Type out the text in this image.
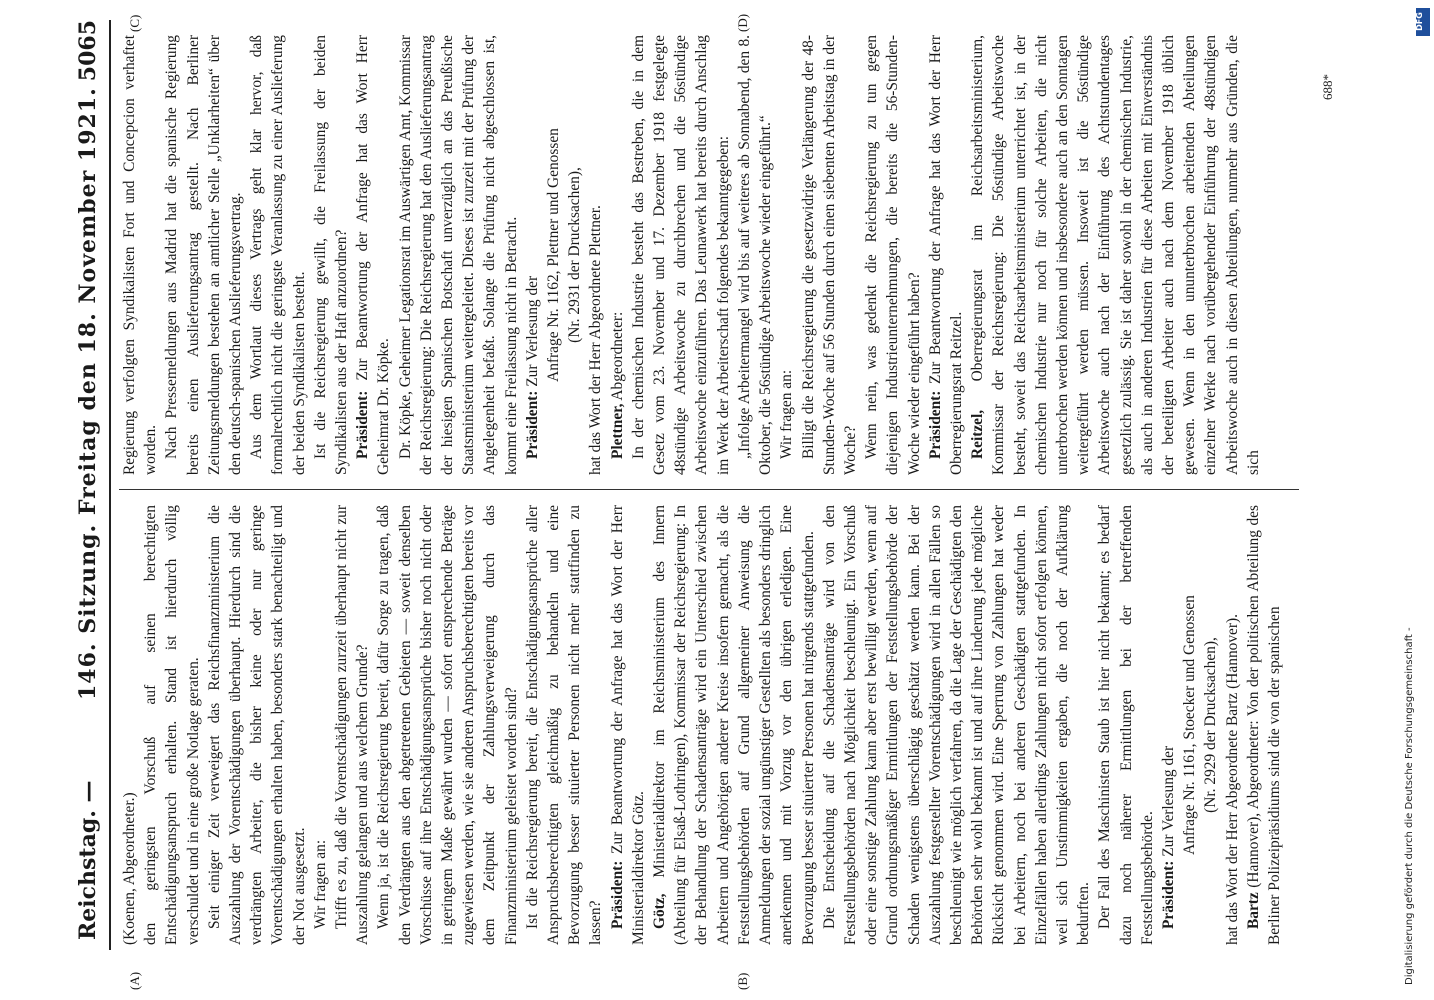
Reichstag. —
146. Sitzung. Freitag den 18. November 1921.
5065
(A)	(B)
(C)	(D)

(Koenen, Abgeordneter.) den geringsten Vorschuß auf seinen berechtigten Entschädigungsanspruch erhalten. Stand ist hierdurch völlig verschuldet und in eine große Notlage geraten. Seit einiger Zeit verweigert das Reichsfinanzministerium die Auszahlung der Vorentschädigungen überhaupt. Hierdurch sind die verdrängten Arbeiter, die bisher keine oder nur geringe Vorentschädigungen erhalten haben, besonders stark benachteiligt und der Not ausgesetzt. Wir fragen an: Trifft es zu, daß die Vorentschädigungen zurzeit überhaupt nicht zur Auszahlung gelangen und aus welchem Grunde? Wenn ja, ist die Reichsregierung bereit, dafür Sorge zu tragen, daß den Verdrängten aus den abgetretenen Gebieten — soweit denselben Vorschüsse auf ihre Entschädigungsansprüche bisher noch nicht oder in geringem Maße gewährt wurden — sofort entsprechende Beträge zugewiesen werden, wie sie anderen Anspruchsberechtigten bereits vor dem Zeitpunkt der Zahlungsverweigerung durch das Finanzministerium geleistet worden sind? Ist die Reichsregierung bereit, die Entschädigungsansprüche aller Anspruchsberechtigten gleichmäßig zu behandeln und eine Bevorzugung besser situierter Personen nicht mehr stattfinden zu lassen? Präsident: Zur Beantwortung der Anfrage hat das Wort der Herr Ministerialdirektor Götz. Götz, Ministerialdirektor im Reichsministerium des Innern (Abteilung für Elsaß-Lothringen), Kommissar der Reichsregierung: In der Behandlung der Schadensanträge wird ein Unterschied zwischen Arbeitern und Angehörigen anderer Kreise insofern gemacht, als die Feststellungsbehörden auf Grund allgemeiner Anweisung die Anmeldungen der sozial ungünstiger Gestellten als besonders dringlich anerkennen und mit Vorzug vor den übrigen erledigen. Eine Bevorzugung besser situierter Personen hat nirgends stattgefunden. Die Entscheidung auf die Schadensanträge wird von den Feststellungsbehörden nach Möglichkeit beschleunigt. Ein Vorschuß oder eine sonstige Zahlung kann aber erst bewilligt werden, wenn auf Grund ordnungsmäßiger Ermittlungen der Feststellungsbehörde der Schaden wenigstens überschlägig geschätzt werden kann. Bei der Auszahlung festgestellter Vorentschädigungen wird in allen Fällen so beschleunigt wie möglich verfahren, da die Lage der Geschädigten den Behörden sehr wohl bekannt ist und auf ihre Linderung jede mögliche Rücksicht genommen wird. Eine Sperrung von Zahlungen hat weder bei Arbeitern, noch bei anderen Geschädigten stattgefunden. In Einzelfällen haben allerdings Zahlungen nicht sofort erfolgen können, weil sich Unstimmigkeiten ergaben, die noch der Aufklärung bedurften. Der Fall des Maschinisten Staub ist hier nicht bekannt; es bedarf dazu noch näherer Ermittlungen bei der betreffenden Feststellungsbehörde. Präsident: Zur Verlesung der Anfrage Nr. 1161, Stoecker und Genossen (Nr. 2929 der Drucksachen), hat das Wort der Herr Abgeordnete Bartz (Hannover). Bartz (Hannover), Abgeordneter: Von der politischen Abteilung des Berliner Polizeipräsidiums sind die von der spanischen

Regierung verfolgten Syndikalisten Fort und Concepcion verhaftet worden. Nach Pressemeldungen aus Madrid hat die spanische Regierung bereits einen Auslieferungsantrag gestellt. Nach Berliner Zeitungsmeldungen bestehen an amtlicher Stelle „Unklarheiten“ über den deutsch-spanischen Auslieferungsvertrag. Aus dem Wortlaut dieses Vertrags geht klar hervor, daß formalrechtlich nicht die geringste Veranlassung zu einer Auslieferung der beiden Syndikalisten besteht. Ist die Reichsregierung gewillt, die Freilassung der beiden Syndikalisten aus der Haft anzuordnen? Präsident: Zur Beantwortung der Anfrage hat das Wort Herr Geheimrat Dr. Köpke. Dr. Köpke, Geheimer Legationsrat im Auswärtigen Amt, Kommissar der Reichsregierung: Die Reichsregierung hat den Auslieferungsantrag der hiesigen Spanischen Botschaft unverzüglich an das Preußische Staatsministerium weitergeleitet. Dieses ist zurzeit mit der Prüfung der Angelegenheit befaßt. Solange die Prüfung nicht abgeschlossen ist, kommt eine Freilassung nicht in Betracht. Präsident: Zur Verlesung der Anfrage Nr. 1162, Plettner und Genossen (Nr. 2931 der Drucksachen), hat das Wort der Herr Abgeordnete Plettner. Plettner, Abgeordneter: In der chemischen Industrie besteht das Bestreben, die in dem Gesetz vom 23. November und 17. Dezember 1918 festgelegte 48stündige Arbeitswoche zu durchbrechen und die 56stündige Arbeitswoche einzuführen. Das Leunawerk hat bereits durch Anschlag im Werk der Arbeiterschaft folgendes bekanntgegeben: „Infolge Arbeitermangel wird bis auf weiteres ab Sonnabend, den 8. Oktober, die 56stündige Arbeitswoche wieder eingeführt.“ Wir fragen an: Billigt die Reichsregierung die gesetzwidrige Verlängerung der 48-Stunden-Woche auf 56 Stunden durch einen siebenten Arbeitstag in der Woche? Wenn nein, was gedenkt die Reichsregierung zu tun gegen diejenigen Industrieunternehmungen, die bereits die 56-Stunden-Woche wieder eingeführt haben? Präsident: Zur Beantwortung der Anfrage hat das Wort der Herr Oberregierungsrat Reitzel. Reitzel, Oberregierungsrat im Reichsarbeitsministerium, Kommissar der Reichsregierung: Die 56stündige Arbeitswoche besteht, soweit das Reichsarbeitsministerium unterrichtet ist, in der chemischen Industrie nur noch für solche Arbeiten, die nicht unterbrochen werden können und insbesondere auch an den Sonntagen weitergeführt werden müssen. Insoweit ist die 56stündige Arbeitswoche auch nach der Einführung des Achtstundentages gesetzlich zulässig. Sie ist daher sowohl in der chemischen Industrie, als auch in anderen Industrien für diese Arbeiten mit Einverständnis der beteiligten Arbeiter auch nach dem November 1918 üblich gewesen. Wenn in den ununterbrochen arbeitenden Abteilungen einzelner Werke nach vorübergehender Einführung der 48stündigen Arbeitswoche auch in diesen Abteilungen, nunmehr aus Gründen, die sich

688*
DFG
Digitalisierung gefördert durch die Deutsche Forschungsgemeinschaft -
